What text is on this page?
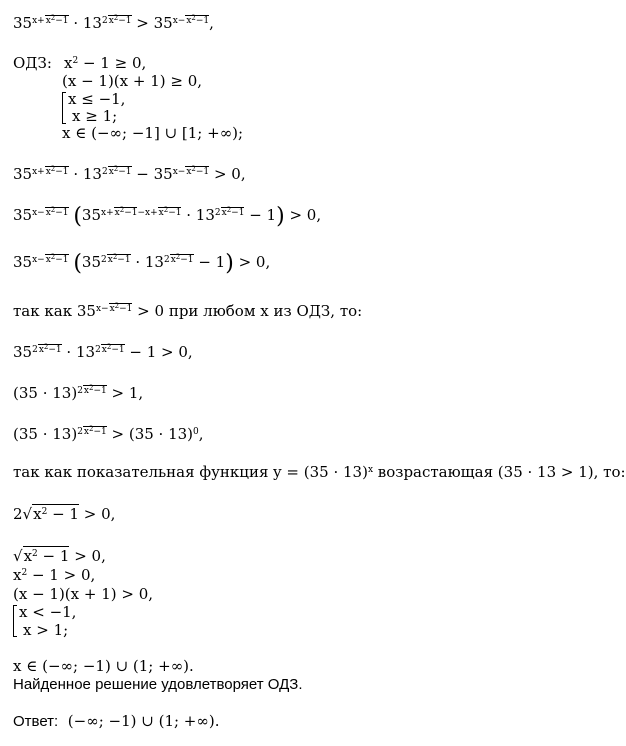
$35^{x+x^2-1} \cdot 13^{2x^2-1} > 35^{x-x^2-1}$,
ОДЗ: $x^2 - 1 \ge 0$,
(x − 1)(x + 1) ≥ 0,
x ≤ −1,
x ≥ 1;
x ∈ (−∞; −1] ∪ [1; +∞);
$35^{x+x^2-1} \cdot 13^{2x^2-1} - 35^{x-x^2-1} > 0$,
$35^{x-x^2-1}$ $(35^{x+x^2-1-x+x^2-1} \cdot 13^{2x^2-1} - 1) > 0$,
$35^{x-x^2-1}$ $(35^{2x^2-1} \cdot 13^{2x^2-1} - 1) > 0$,
так как $35^{x-x^2-1} > 0$ при любом x из ОДЗ, то:
$35^{2x^2-1} \cdot 13^{2x^2-1} - 1 > 0$,
$(35 \cdot 13)^{2x^2-1} > 1$,
$(35 \cdot 13)^{2x^2-1} > (35 \cdot 13)^0$,
так как показательная функция $y = (35 \cdot 13)^x$ возрастающая (35 · 13 > 1), то:
$2√x^2 - 1 > 0$,
$√x^2 - 1 > 0$,
$x^2 - 1 > 0$,
(x − 1)(x + 1) > 0,
x < −1,
x > 1;
x ∈ (−∞; −1) ∪ (1; +∞).
Найденное решение удовлетворяет ОДЗ.
Ответ: (−∞; −1) ∪ (1; +∞).
